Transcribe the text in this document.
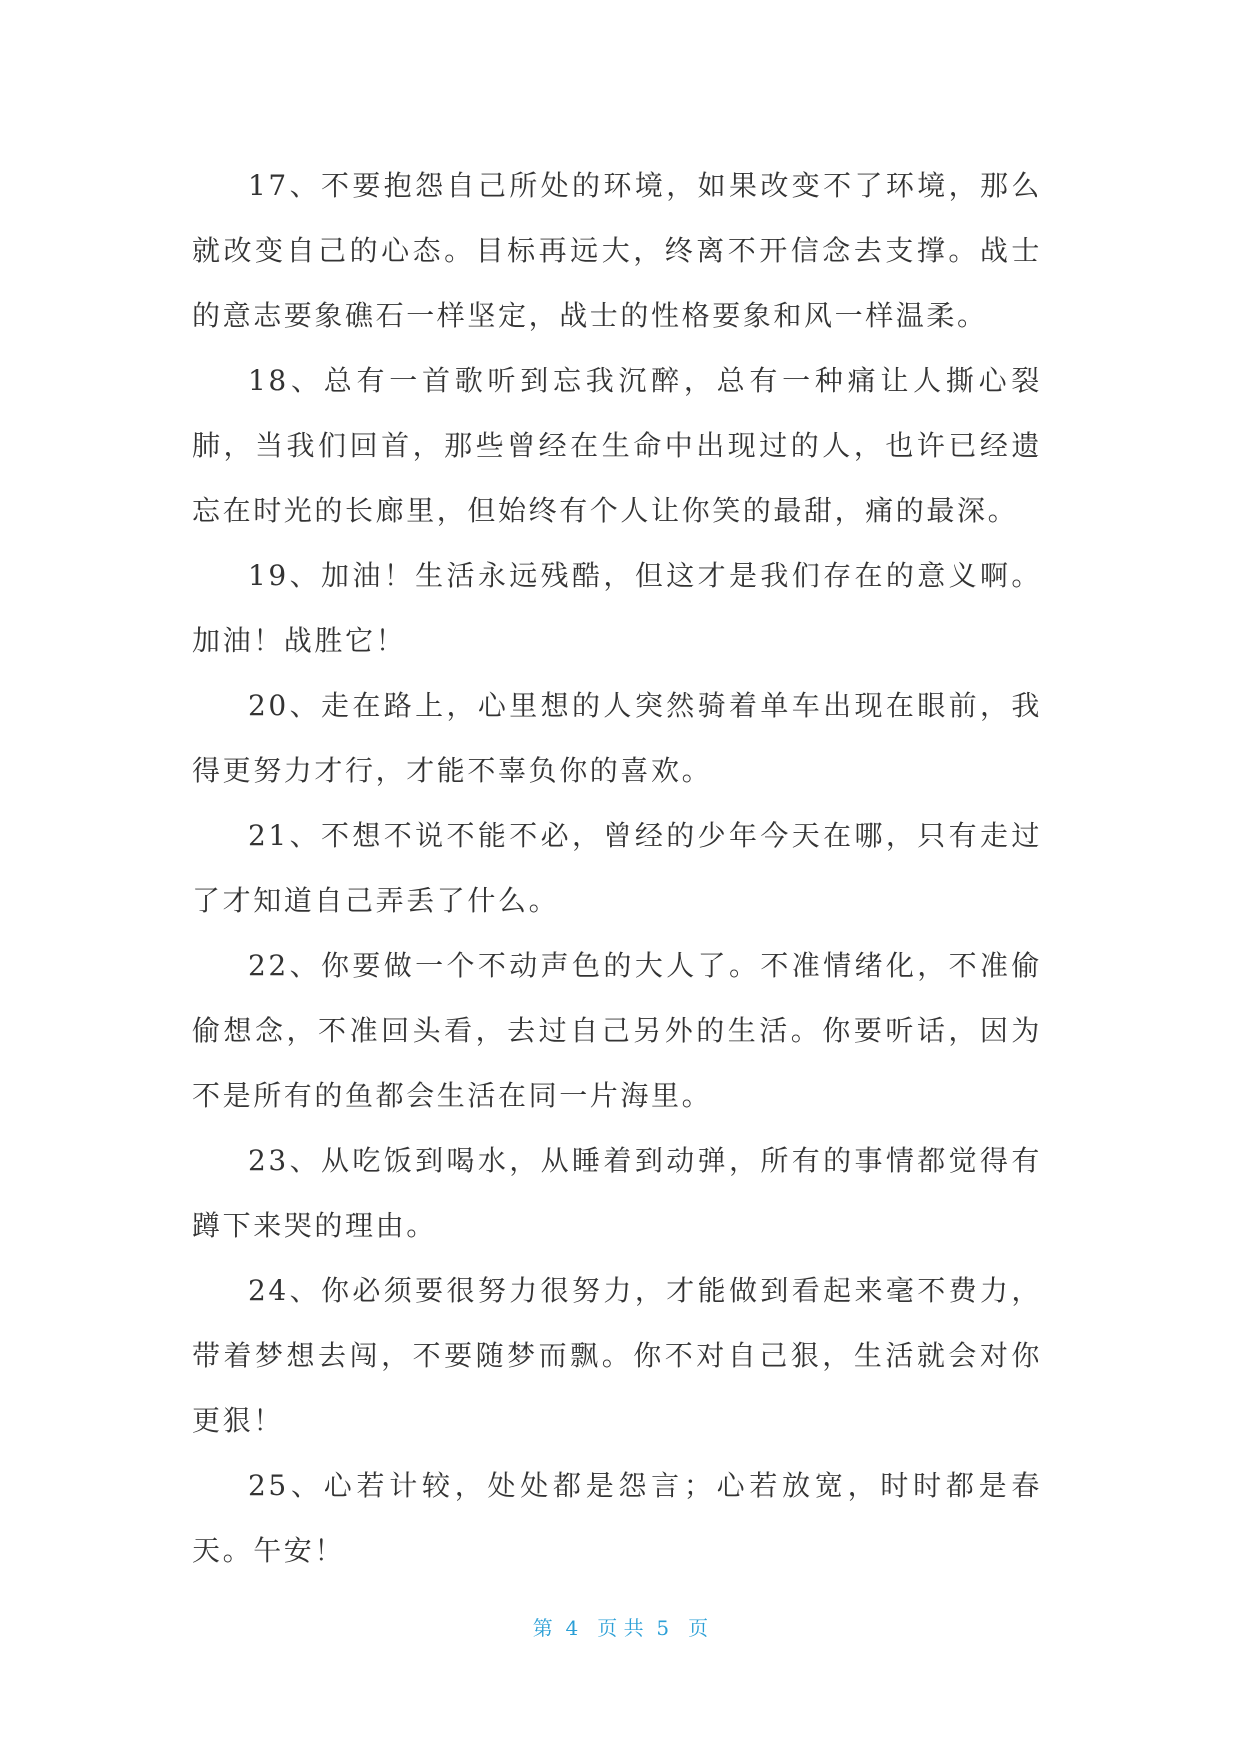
17、不要抱怨自己所处的环境，如果改变不了环境，那么就改变自己的心态。目标再远大，终离不开信念去支撑。战士的意志要象礁石一样坚定，战士的性格要象和风一样温柔。

18、总有一首歌听到忘我沉醉，总有一种痛让人撕心裂肺，当我们回首，那些曾经在生命中出现过的人，也许已经遗忘在时光的长廊里，但始终有个人让你笑的最甜，痛的最深。

19、加油！生活永远残酷，但这才是我们存在的意义啊。加油！战胜它！

20、走在路上，心里想的人突然骑着单车出现在眼前，我得更努力才行，才能不辜负你的喜欢。

21、不想不说不能不必，曾经的少年今天在哪，只有走过了才知道自己弄丢了什么。

22、你要做一个不动声色的大人了。不准情绪化，不准偷偷想念，不准回头看，去过自己另外的生活。你要听话，因为不是所有的鱼都会生活在同一片海里。

23、从吃饭到喝水，从睡着到动弹，所有的事情都觉得有蹲下来哭的理由。

24、你必须要很努力很努力，才能做到看起来毫不费力，带着梦想去闯，不要随梦而飘。你不对自己狠，生活就会对你更狠！

25、心若计较，处处都是怨言；心若放宽，时时都是春天。午安！

第  4   页 共  5   页
